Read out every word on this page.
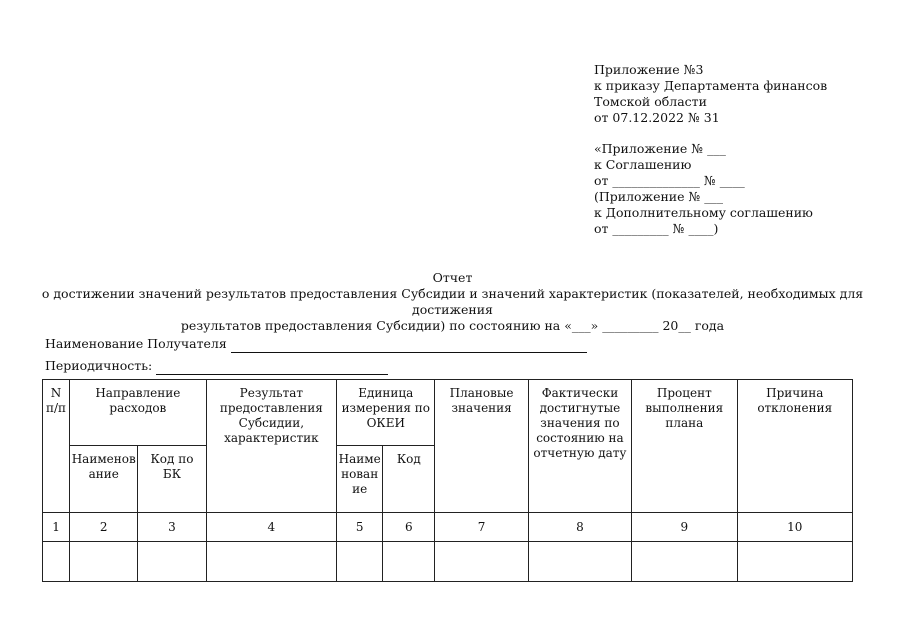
Приложение №3
к приказу Департамента финансов
Томской области
от 07.12.2022 № 31
«Приложение № ___
к Соглашению
от ______________ № ____
(Приложение № ___
к Дополнительному соглашению
от _________ № ____)
Отчет
о достижении значений результатов предоставления Субсидии и значений характеристик (показателей, необходимых для достижения
результатов предоставления Субсидии) по состоянию на «___» _________ 20__ года
Наименование Получателя
Периодичность:
N п/п	Направление расходов		Результат предоставления Субсидии, характеристик	Единица измерения по ОКЕИ		Плановые значения	Фактически достигнутые значения по состоянию на отчетную дату	Процент выполнения плана	Причина отклонения
	Наименов ание	Код по БК		Наиме нован ие	Код				
1	2	3	4	5	6	7	8	9	10
